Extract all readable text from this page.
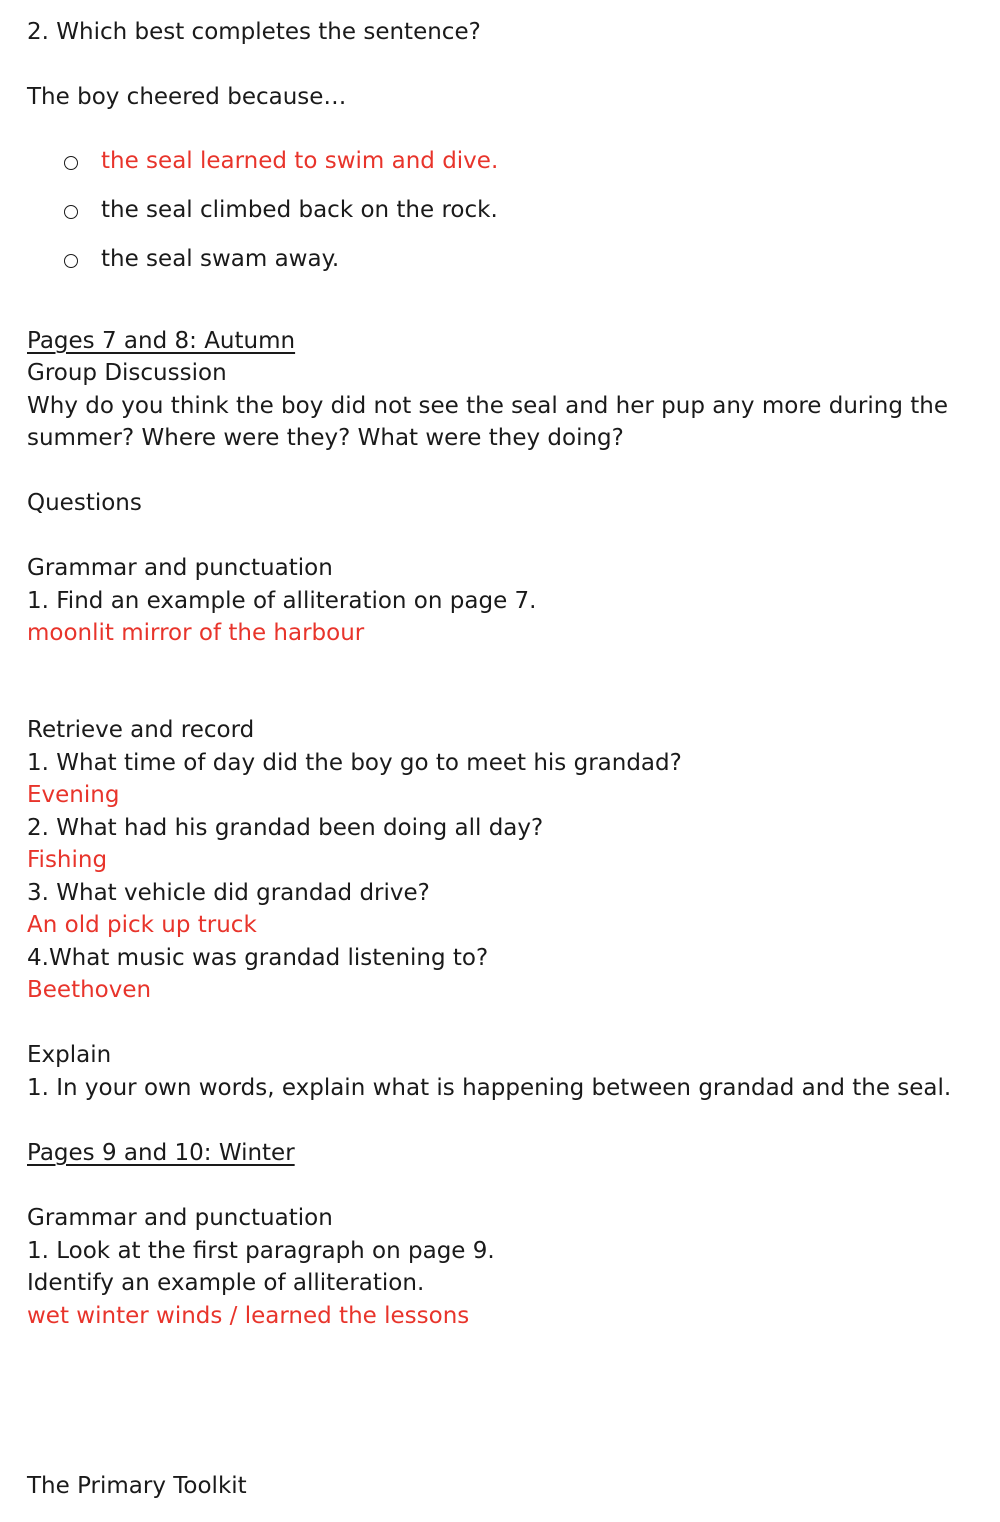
2. Which best completes the sentence?
The boy cheered because…
the seal learned to swim and dive.
the seal climbed back on the rock.
the seal swam away.
Pages 7 and 8: Autumn
Group Discussion
Why do you think the boy did not see the seal and her pup any more during the summer? Where were they? What were they doing?
Questions
Grammar and punctuation
1. Find an example of alliteration on page 7.
moonlit mirror of the harbour
Retrieve and record
1. What time of day did the boy go to meet his grandad?
Evening
2. What had his grandad been doing all day?
Fishing
3. What vehicle did grandad drive?
An old pick up truck
4.What music was grandad listening to?
Beethoven
Explain
1. In your own words, explain what is happening between grandad and the seal.
Pages 9 and 10: Winter
Grammar and punctuation
1. Look at the first paragraph on page 9.
Identify an example of alliteration.
wet winter winds / learned the lessons
The Primary Toolkit
